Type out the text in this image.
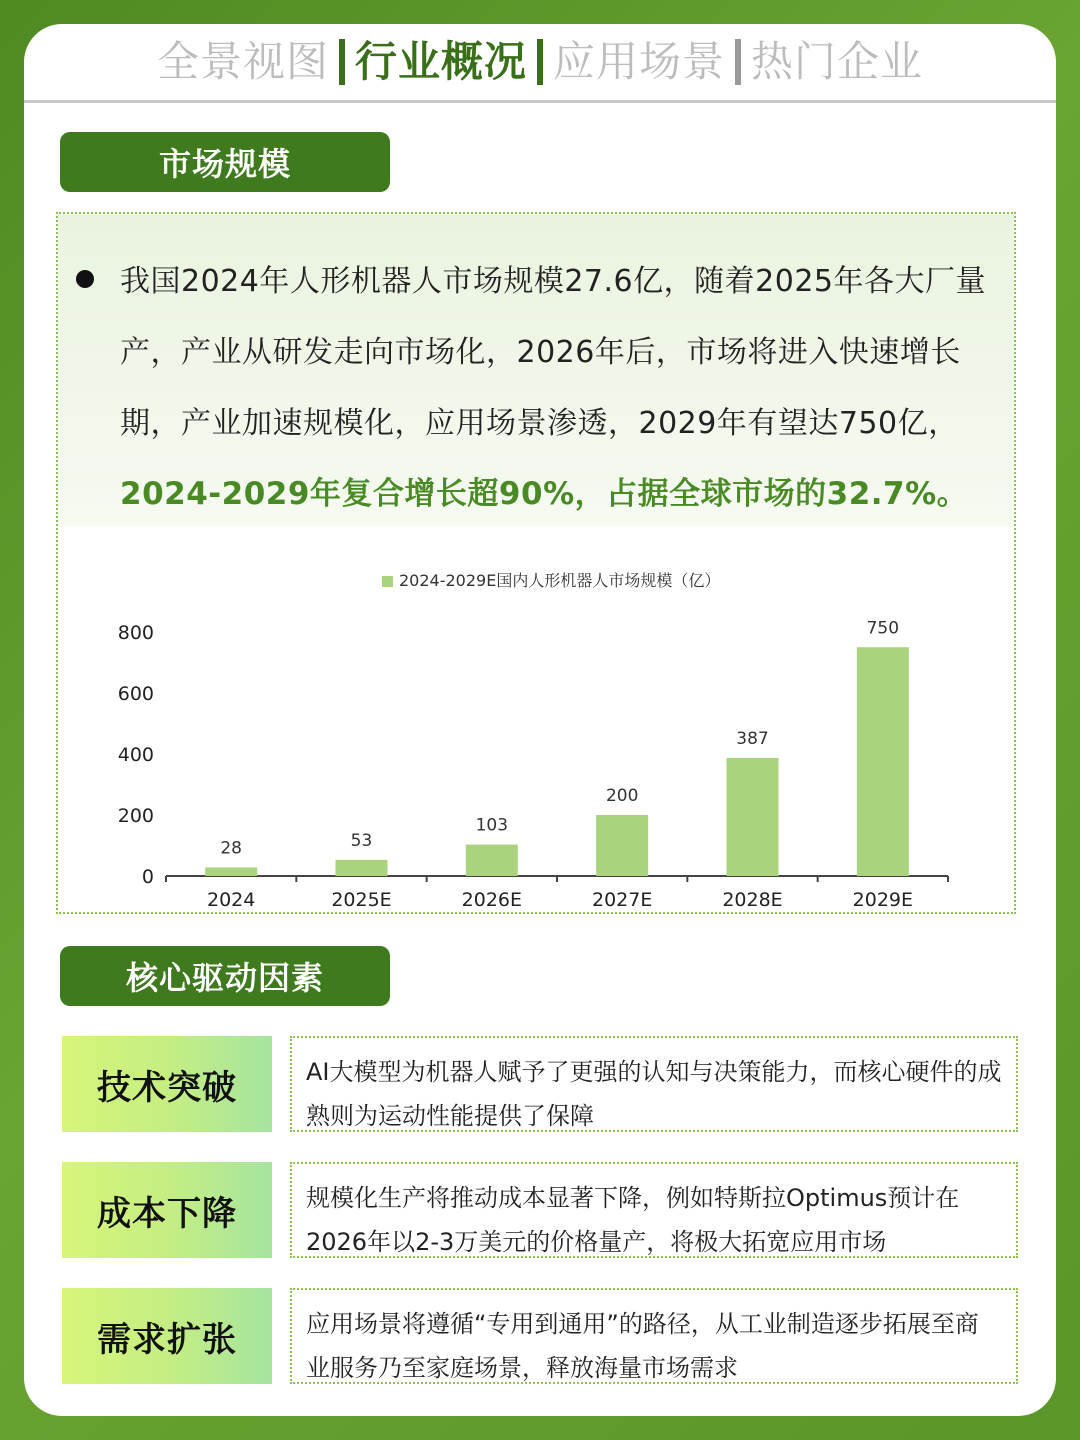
全景视图 行业概况 应用场景 热门企业
市场规模
我国2024年人形机器人市场规模27.6亿，随着2025年各大厂量产，产业从研发走向市场化，2026年后，市场将进入快速增长期，产业加速规模化，应用场景渗透，2029年有望达750亿，
2024-2029年复合增长超90%，占据全球市场的32.7%。
2024-2029E国内人形机器人市场规模（亿）
0
200
400
600
800
28
2024
53
2025E
103
2026E
200
2027E
387
2028E
750
2029E
核心驱动因素
技术突破	AI大模型为机器人赋予了更强的认知与决策能力，而核心硬件的成熟则为运动性能提供了保障
成本下降	规模化生产将推动成本显著下降，例如特斯拉Optimus预计在2026年以2-3万美元的价格量产，将极大拓宽应用市场
需求扩张	应用场景将遵循“专用到通用”的路径，从工业制造逐步拓展至商业服务乃至家庭场景，释放海量市场需求
